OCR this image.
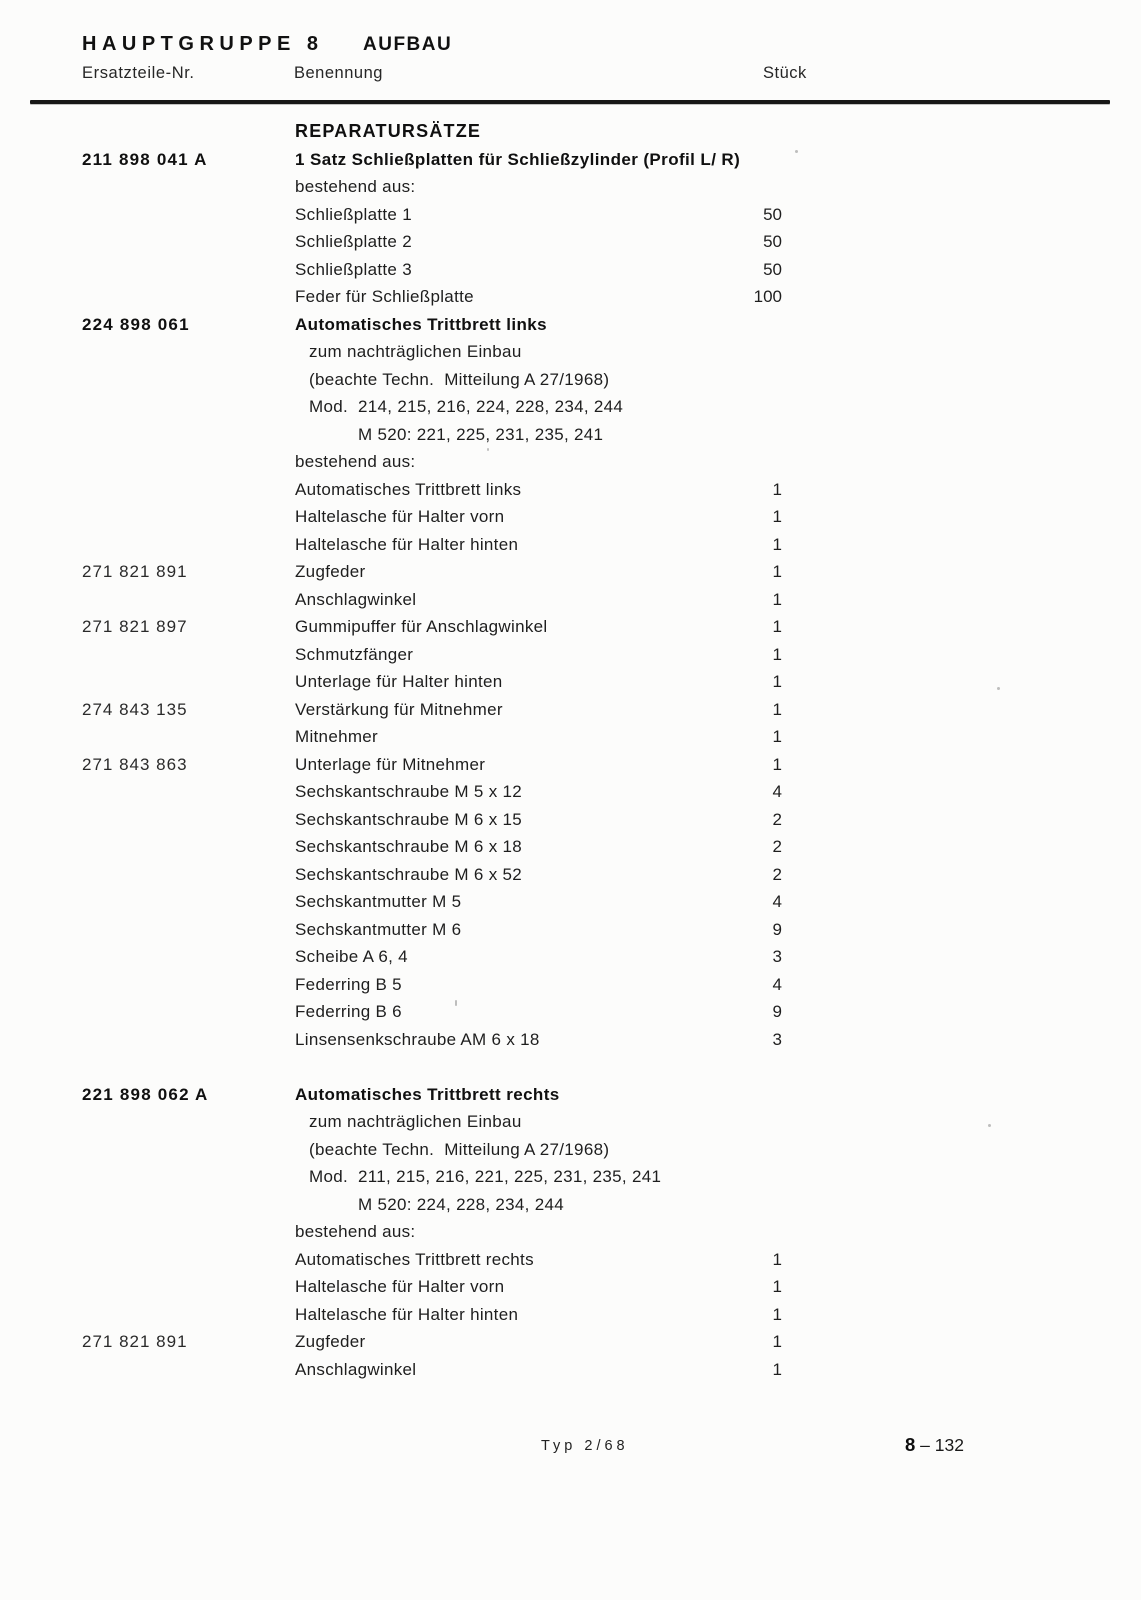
HAUPTGRUPPE 8 AUFBAU
Ersatzteile-Nr.	Benennung	Stück
REPARATURSÄTZE
211 898 041 A	1 Satz Schließplatten für Schließzylinder (Profil L/ R)
bestehend aus:
Schließplatte 1	50
Schließplatte 2	50
Schließplatte 3	50
Feder für Schließplatte	100
224 898 061	Automatisches Trittbrett links
zum nachträglichen Einbau
(beachte Techn.  Mitteilung A 27/1968)
Mod.  214, 215, 216, 224, 228, 234, 244
M 520: 221, 225, 231, 235, 241
bestehend aus:
Automatisches Trittbrett links	1
Haltelasche für Halter vorn	1
Haltelasche für Halter hinten	1
271 821 891	Zugfeder	1
Anschlagwinkel	1
271 821 897	Gummipuffer für Anschlagwinkel	1
Schmutzfänger	1
Unterlage für Halter hinten	1
274 843 135	Verstärkung für Mitnehmer	1
Mitnehmer	1
271 843 863	Unterlage für Mitnehmer	1
Sechskantschraube M 5 x 12	4
Sechskantschraube M 6 x 15	2
Sechskantschraube M 6 x 18	2
Sechskantschraube M 6 x 52	2
Sechskantmutter M 5	4
Sechskantmutter M 6	9
Scheibe A 6, 4	3
Federring B 5	4
Federring B 6	9
Linsensenkschraube AM 6 x 18	3
221 898 062 A	Automatisches Trittbrett rechts
zum nachträglichen Einbau
(beachte Techn.  Mitteilung A 27/1968)
Mod.  211, 215, 216, 221, 225, 231, 235, 241
M 520: 224, 228, 234, 244
bestehend aus:
Automatisches Trittbrett rechts	1
Haltelasche für Halter vorn	1
Haltelasche für Halter hinten	1
271 821 891	Zugfeder	1
Anschlagwinkel	1
Typ 2/68	8 – 132
